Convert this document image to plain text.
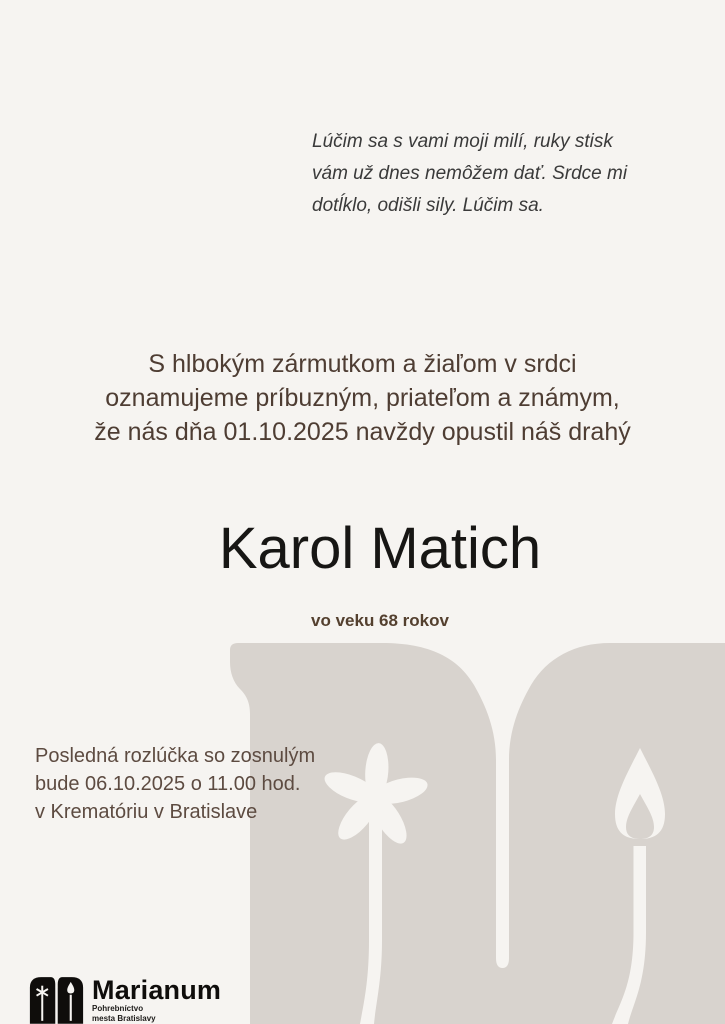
Lúčim sa s vami moji milí, ruky stisk
vám už dnes nemôžem dať. Srdce mi
dotĺklo, odišli sily. Lúčim sa.
S hlbokým zármutkom a žiaľom v srdci
oznamujeme príbuzným, priateľom a známym,
že nás dňa 01.10.2025 navždy opustil náš drahý
Karol Matich
vo veku 68 rokov
Posledná rozlúčka so zosnulým
bude 06.10.2025 o 11.00 hod.
v Krematóriu v Bratislave
Marianum
Pohrebníctvo
mesta Bratislavy
